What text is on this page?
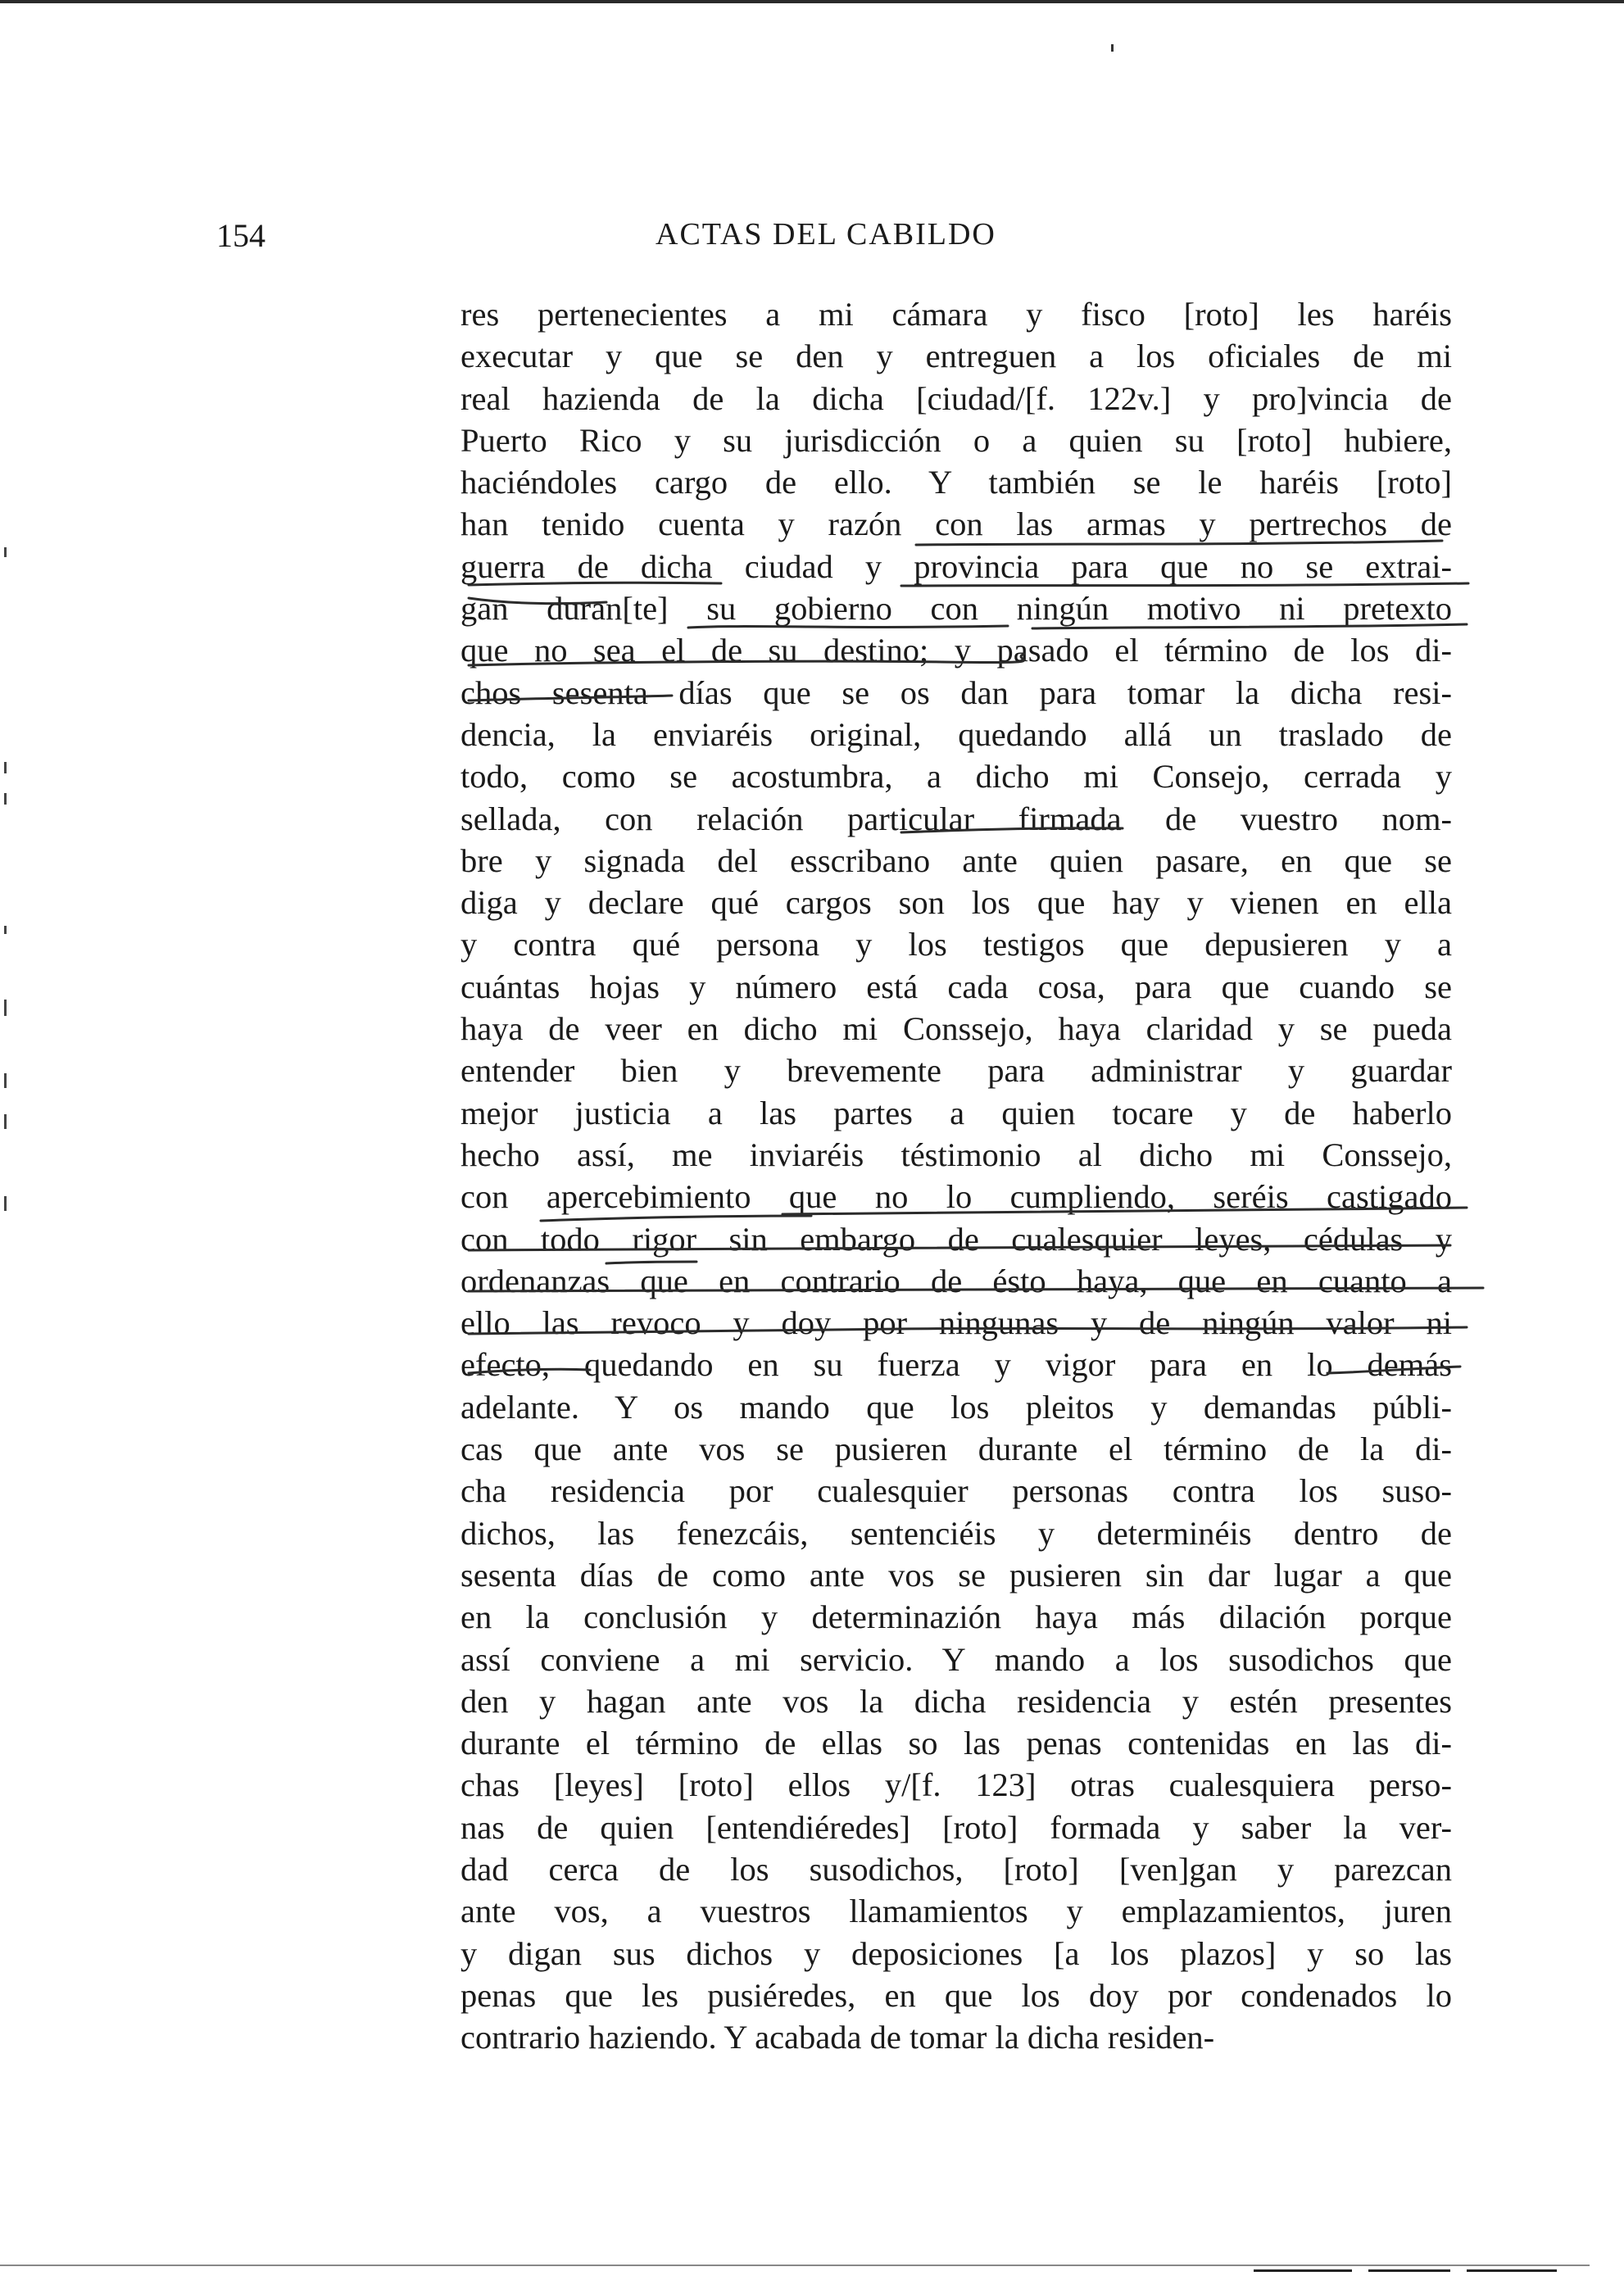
154	ACTAS DEL CABILDO
res pertenecientes a mi cámara y fisco [roto] les haréis
executar y que se den y entreguen a los oficiales de mi
real hazienda de la dicha [ciudad/[f. 122v.] y pro]vincia de
Puerto Rico y su jurisdicción o a quien su [roto] hubiere,
haciéndoles cargo de ello. Y también se le haréis [roto]
han tenido cuenta y razón con las armas y pertrechos de
guerra de dicha ciudad y provincia para que no se extrai-
gan duran[te] su gobierno con ningún motivo ni pretexto
que no sea el de su destino; y pasado el término de los di-
chos sesenta días que se os dan para tomar la dicha resi-
dencia, la enviaréis original, quedando allá un traslado de
todo, como se acostumbra, a dicho mi Consejo, cerrada y
sellada, con relación particular firmada de vuestro nom-
bre y signada del esscribano ante quien pasare, en que se
diga y declare qué cargos son los que hay y vienen en ella
y contra qué persona y los testigos que depusieren y a
cuántas hojas y número está cada cosa, para que cuando se
haya de veer en dicho mi Conssejo, haya claridad y se pueda
entender bien y brevemente para administrar y guardar
mejor justicia a las partes a quien tocare y de haberlo
hecho assí, me inviaréis téstimonio al dicho mi Conssejo,
con apercebimiento que no lo cumpliendo, seréis castigado
con todo rigor sin embargo de cualesquier leyes, cédulas y
ordenanzas que en contrario de ésto haya, que en cuanto a
ello las revoco y doy por ningunas y de ningún valor ni
efecto, quedando en su fuerza y vigor para en lo demás
adelante. Y os mando que los pleitos y demandas públi-
cas que ante vos se pusieren durante el término de la di-
cha residencia por cualesquier personas contra los suso-
dichos, las fenezcáis, sentenciéis y determinéis dentro de
sesenta días de como ante vos se pusieren sin dar lugar a que
en la conclusión y determinazión haya más dilación porque
assí conviene a mi servicio. Y mando a los susodichos que
den y hagan ante vos la dicha residencia y estén presentes
durante el término de ellas so las penas contenidas en las di-
chas [leyes] [roto] ellos y/[f. 123] otras cualesquiera perso-
nas de quien [entendiéredes] [roto] formada y saber la ver-
dad cerca de los susodichos, [roto] [ven]gan y parezcan
ante vos, a vuestros llamamientos y emplazamientos, juren
y digan sus dichos y deposiciones [a los plazos] y so las
penas que les pusiéredes, en que los doy por condenados lo
contrario haziendo. Y acabada de tomar la dicha residen-
